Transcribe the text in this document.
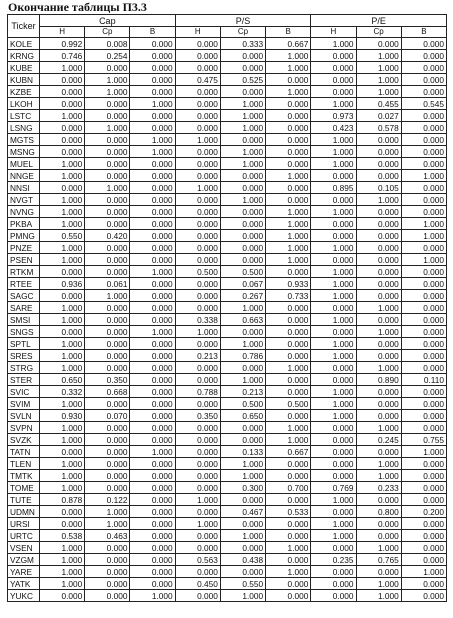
Окончание таблицы П3.3
Ticker	Cap			P/S			P/E		
	H	Cp	B	H	Cp	B	H	Cp	B
KOLE	0.992	0.008	0.000	0.000	0.333	0.667	1.000	0.000	0.000
KRNG	0.746	0.254	0.000	0.000	0.000	1.000	0.000	1.000	0.000
KUBE	1.000	0.000	0.000	0.000	0.000	1.000	0.000	1.000	0.000
KUBN	0.000	1.000	0.000	0.475	0.525	0.000	0.000	1.000	0.000
KZBE	0.000	1.000	0.000	0.000	0.000	1.000	0.000	1.000	0.000
LKOH	0.000	0.000	1.000	0.000	1.000	0.000	1.000	0.455	0.545
LSTC	1.000	0.000	0.000	0.000	1.000	0.000	0.973	0.027	0.000
LSNG	0.000	1.000	0.000	0.000	1.000	0.000	0.423	0.578	0.000
MGTS	0.000	0.000	1.000	1.000	0.000	0.000	1.000	0.000	0.000
MSNG	0.000	0.000	1.000	0.000	1.000	0.000	1.000	0.000	0.000
MUEL	1.000	0.000	0.000	0.000	1.000	0.000	1.000	0.000	0.000
NNGE	1.000	0.000	0.000	0.000	0.000	1.000	0.000	0.000	1.000
NNSI	0.000	1.000	0.000	1.000	0.000	0.000	0.895	0.105	0.000
NVGT	1.000	0.000	0.000	0.000	1.000	0.000	0.000	1.000	0.000
NVNG	1.000	0.000	0.000	0.000	0.000	1.000	1.000	0.000	0.000
PKBA	1.000	0.000	0.000	0.000	0.000	1.000	0.000	0.000	1.000
PMNG	0.550	0.420	0.000	0.000	0.000	1.000	0.000	0.000	1.000
PNZE	1.000	0.000	0.000	0.000	0.000	1.000	1.000	0.000	0.000
PSEN	1.000	0.000	0.000	0.000	0.000	1.000	0.000	0.000	1.000
RTKM	0.000	0.000	1.000	0.500	0.500	0.000	1.000	0.000	0.000
RTEE	0.936	0.061	0.000	0.000	0.067	0.933	1.000	0.000	0.000
SAGC	0.000	1.000	0.000	0.000	0.267	0.733	1.000	0.000	0.000
SARE	1.000	0.000	0.000	0.000	1.000	0.000	0.000	1.000	0.000
SMSI	1.000	0.000	0.000	0.338	0.663	0.000	1.000	0.000	0.000
SNGS	0.000	0.000	1.000	1.000	0.000	0.000	0.000	1.000	0.000
SPTL	1.000	0.000	0.000	0.000	1.000	0.000	1.000	0.000	0.000
SRES	1.000	0.000	0.000	0.213	0.786	0.000	1.000	0.000	0.000
STRG	1.000	0.000	0.000	0.000	0.000	1.000	0.000	1.000	0.000
STER	0.650	0.350	0.000	0.000	1.000	0.000	0.000	0.890	0.110
SVIC	0.332	0.668	0.000	0.788	0.213	0.000	1.000	0.000	0.000
SVIM	1.000	0.000	0.000	0.000	0.500	0.500	1.000	0.000	0.000
SVLN	0.930	0.070	0.000	0.350	0.650	0.000	1.000	0.000	0.000
SVPN	1.000	0.000	0.000	0.000	0.000	1.000	0.000	1.000	0.000
SVZK	1.000	0.000	0.000	0.000	0.000	1.000	0.000	0.245	0.755
TATN	0.000	0.000	1.000	0.000	0.133	0.667	0.000	0.000	1.000
TLEN	1.000	0.000	0.000	0.000	1.000	0.000	0.000	1.000	0.000
TMTK	1.000	0.000	0.000	0.000	1.000	0.000	0.000	1.000	0.000
TOME	1.000	0.000	0.000	0.000	0.300	0.700	0.769	0.233	0.000
TUTE	0.878	0.122	0.000	1.000	0.000	0.000	1.000	0.000	0.000
UDMN	0.000	1.000	0.000	0.000	0.467	0.533	0.000	0.800	0.200
URSI	0.000	1.000	0.000	1.000	0.000	0.000	1.000	0.000	0.000
URTC	0.538	0.463	0.000	0.000	1.000	0.000	1.000	0.000	0.000
VSEN	1.000	0.000	0.000	0.000	0.000	1.000	0.000	1.000	0.000
VZGM	1.000	0.000	0.000	0.563	0.438	0.000	0.235	0.765	0.000
YARE	1.000	0.000	0.000	0.000	0.000	1.000	0.000	0.000	1.000
YATK	1.000	0.000	0.000	0.450	0.550	0.000	0.000	1.000	0.000
YUKC	0.000	0.000	1.000	0.000	1.000	0.000	0.000	1.000	0.000
